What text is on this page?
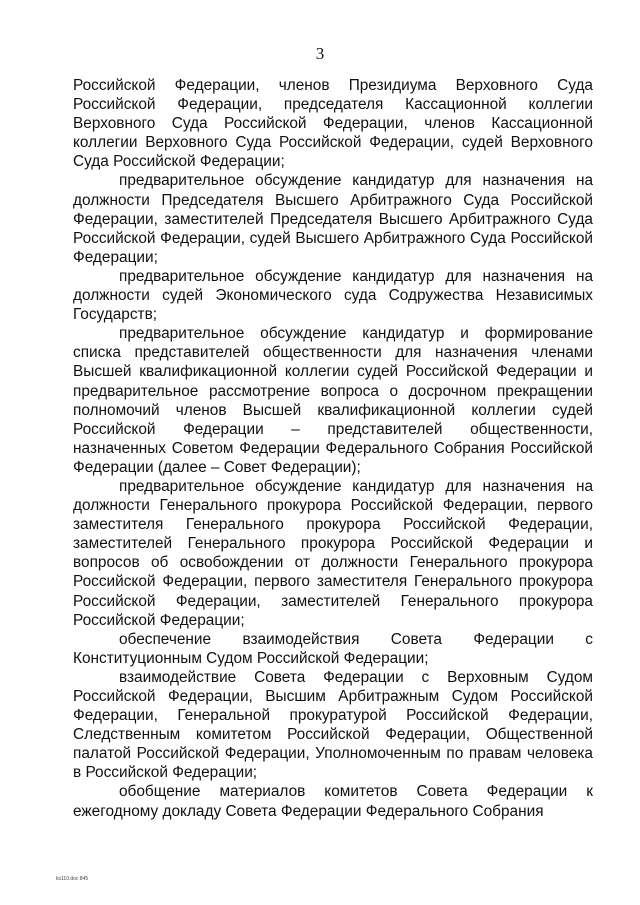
3

Российской Федерации, членов Президиума Верховного Суда Российской Федерации, председателя Кассационной коллегии Верховного Суда Российской Федерации, членов Кассационной коллегии Верховного Суда Российской Федерации, судей Верховного Суда Российской Федерации;

предварительное обсуждение кандидатур для назначения на должности Председателя Высшего Арбитражного Суда Российской Федерации, заместителей Председателя Высшего Арбитражного Суда Российской Федерации, судей Высшего Арбитражного Суда Российской Федерации;

предварительное обсуждение кандидатур для назначения на должности судей Экономического суда Содружества Независимых Государств;

предварительное обсуждение кандидатур и формирование списка представителей общественности для назначения членами Высшей квалификационной коллегии судей Российской Федерации и предварительное рассмотрение вопроса о досрочном прекращении полномочий членов Высшей квалификационной коллегии судей Российской Федерации – представителей общественности, назначенных Советом Федерации Федерального Собрания Российской Федерации (далее – Совет Федерации);

предварительное обсуждение кандидатур для назначения на должности Генерального прокурора Российской Федерации, первого заместителя Генерального прокурора Российской Федерации, заместителей Генерального прокурора Российской Федерации и вопросов об освобождении от должности Генерального прокурора Российской Федерации, первого заместителя Генерального прокурора Российской Федерации, заместителей Генерального прокурора Российской Федерации;

обеспечение взаимодействия Совета Федерации с Конституционным Судом Российской Федерации;

взаимодействие Совета Федерации с Верховным Судом Российской Федерации, Высшим Арбитражным Судом Российской Федерации, Генеральной прокуратурой Российской Федерации, Следственным комитетом Российской Федерации, Общественной палатой Российской Федерации, Уполномоченным по правам человека в Российской Федерации;

обобщение материалов комитетов Совета Федерации к ежегодному докладу Совета Федерации Федерального Собрания

ks110.doc 845
